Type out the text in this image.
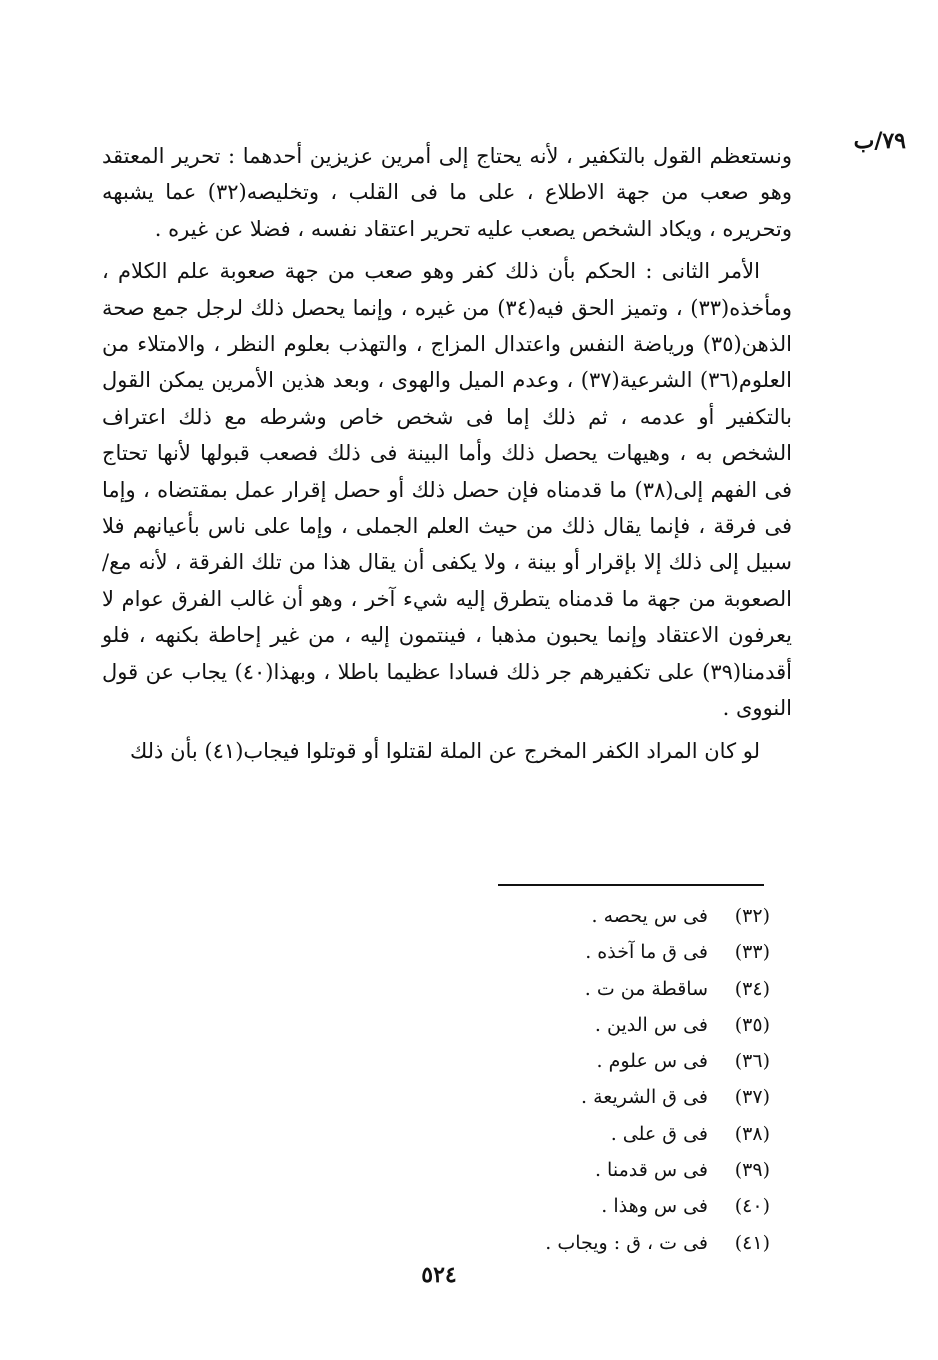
٧٩/ب

ونستعظم القول بالتكفير ، لأنه يحتاج إلى أمرين عزيزين أحدهما : تحرير المعتقد وهو صعب من جهة الاطلاع ، على ما فى القلب ، وتخليصه(٣٢) عما يشبهه وتحريره ، ويكاد الشخص يصعب عليه تحرير اعتقاد نفسه ، فضلا عن غيره .

الأمر الثانى : الحكم بأن ذلك كفر وهو صعب من جهة صعوبة علم الكلام ، ومأخذه(٣٣) ، وتميز الحق فيه(٣٤) من غيره ، وإنما يحصل ذلك لرجل جمع صحة الذهن(٣٥) ورياضة النفس واعتدال المزاج ، والتهذب بعلوم النظر ، والامتلاء من العلوم(٣٦) الشرعية(٣٧) ، وعدم الميل والهوى ، وبعد هذين الأمرين يمكن القول بالتكفير أو عدمه ، ثم ذلك إما فى شخص خاص وشرطه مع ذلك اعتراف الشخص به ، وهيهات يحصل ذلك وأما البينة فى ذلك فصعب قبولها لأنها تحتاج فى الفهم إلى(٣٨) ما قدمناه فإن حصل ذلك أو حصل إقرار عمل بمقتضاه ، وإما فى فرقة ، فإنما يقال ذلك من حيث العلم الجملى ، وإما على ناس بأعيانهم فلا سبيل إلى ذلك إلا بإقرار أو بينة ، ولا يكفى أن يقال هذا من تلك الفرقة ، لأنه مع/ الصعوبة من جهة ما قدمناه يتطرق إليه شيء آخر ، وهو أن غالب الفرق عوام لا يعرفون الاعتقاد وإنما يحبون مذهبا ، فينتمون إليه ، من غير إحاطة بكنهه ، فلو أقدمنا(٣٩) على تكفيرهم جر ذلك فسادا عظيما باطلا ، وبهذا(٤٠) يجاب عن قول النووى .

لو كان المراد الكفر المخرج عن الملة لقتلوا أو قوتلوا فيجاب(٤١) بأن ذلك

(٣٢)
فى س يحصه .
(٣٣)
فى ق ما آخذه .
(٣٤)
ساقطة من ت .
(٣٥)
فى س الدين .
(٣٦)
فى س علوم .
(٣٧)
فى ق الشريعة .
(٣٨)
فى ق على .
(٣٩)
فى س قدمنا .
(٤٠)
فى س وهذا .
(٤١)
فى ت ، ق : ويجاب .
٥٢٤
